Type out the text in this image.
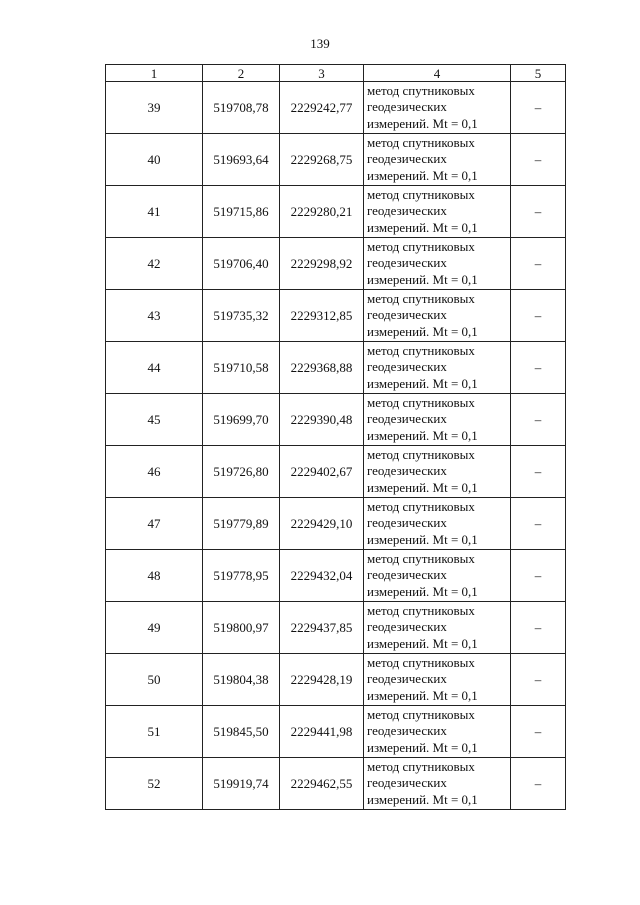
139
1	2	3	4	5
39	519708,78	2229242,77	метод спутниковых геодезических измерений. Mt = 0,1	–
40	519693,64	2229268,75	метод спутниковых геодезических измерений. Mt = 0,1	–
41	519715,86	2229280,21	метод спутниковых геодезических измерений. Mt = 0,1	–
42	519706,40	2229298,92	метод спутниковых геодезических измерений. Mt = 0,1	–
43	519735,32	2229312,85	метод спутниковых геодезических измерений. Mt = 0,1	–
44	519710,58	2229368,88	метод спутниковых геодезических измерений. Mt = 0,1	–
45	519699,70	2229390,48	метод спутниковых геодезических измерений. Mt = 0,1	–
46	519726,80	2229402,67	метод спутниковых геодезических измерений. Mt = 0,1	–
47	519779,89	2229429,10	метод спутниковых геодезических измерений. Mt = 0,1	–
48	519778,95	2229432,04	метод спутниковых геодезических измерений. Mt = 0,1	–
49	519800,97	2229437,85	метод спутниковых геодезических измерений. Mt = 0,1	–
50	519804,38	2229428,19	метод спутниковых геодезических измерений. Mt = 0,1	–
51	519845,50	2229441,98	метод спутниковых геодезических измерений. Mt = 0,1	–
52	519919,74	2229462,55	метод спутниковых геодезических измерений. Mt = 0,1	–
